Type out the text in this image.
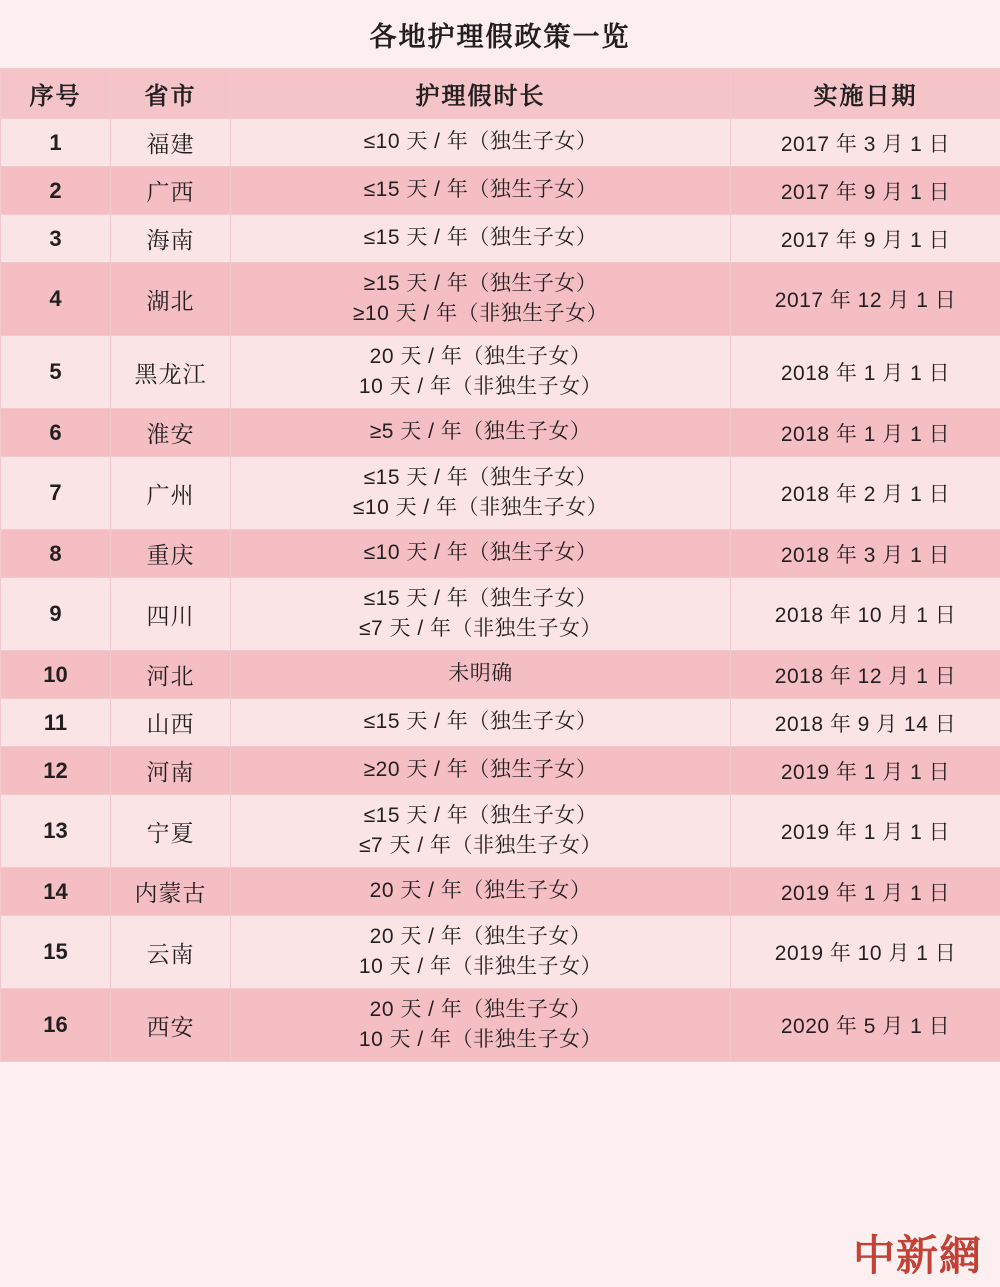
各地护理假政策一览
序号	省市	护理假时长	实施日期
1	福建	≤10 天 / 年（独生子女）	2017 年 3 月 1 日
2	广西	≤15 天 / 年（独生子女）	2017 年 9 月 1 日
3	海南	≤15 天 / 年（独生子女）	2017 年 9 月 1 日
4	湖北	≥15 天 / 年（独生子女）
≥10 天 / 年（非独生子女）	2017 年 12 月 1 日
5	黑龙江	20 天 / 年（独生子女）
10 天 / 年（非独生子女）	2018 年 1 月 1 日
6	淮安	≥5 天 / 年（独生子女）	2018 年 1 月 1 日
7	广州	≤15 天 / 年（独生子女）
≤10 天 / 年（非独生子女）	2018 年 2 月 1 日
8	重庆	≤10 天 / 年（独生子女）	2018 年 3 月 1 日
9	四川	≤15 天 / 年（独生子女）
≤7 天 / 年（非独生子女）	2018 年 10 月 1 日
10	河北	未明确	2018 年 12 月 1 日
11	山西	≤15 天 / 年（独生子女）	2018 年 9 月 14 日
12	河南	≥20 天 / 年（独生子女）	2019 年 1 月 1 日
13	宁夏	≤15 天 / 年（独生子女）
≤7 天 / 年（非独生子女）	2019 年 1 月 1 日
14	内蒙古	20 天 / 年（独生子女）	2019 年 1 月 1 日
15	云南	20 天 / 年（独生子女）
10 天 / 年（非独生子女）	2019 年 10 月 1 日
16	西安	20 天 / 年（独生子女）
10 天 / 年（非独生子女）	2020 年 5 月 1 日
中新網
